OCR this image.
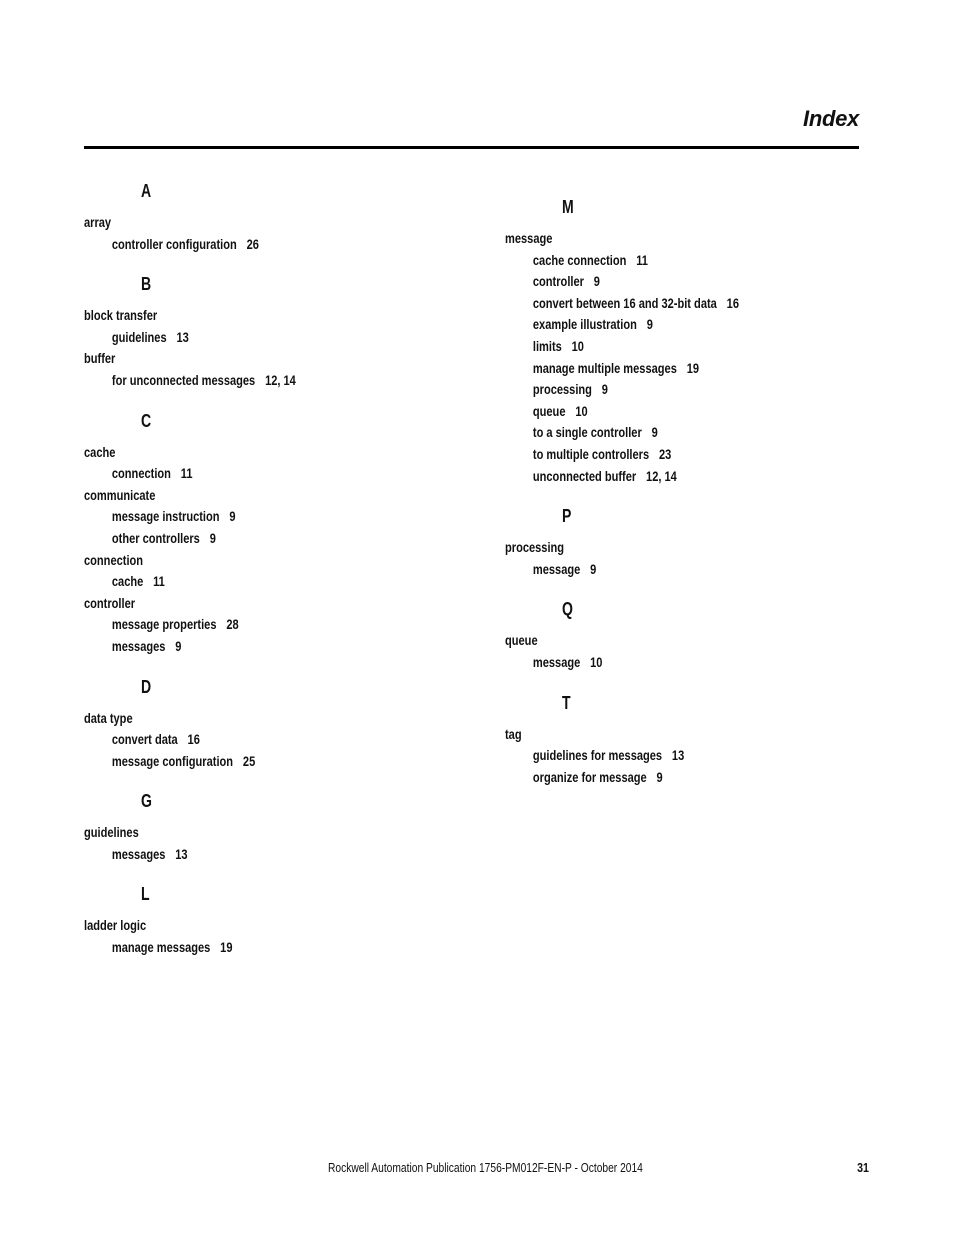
Index
A
array
controller configuration 26
B
block transfer
guidelines 13
buffer
for unconnected messages 12, 14
C
cache
connection 11
communicate
message instruction 9
other controllers 9
connection
cache 11
controller
message properties 28
messages 9
D
data type
convert data 16
message configuration 25
G
guidelines
messages 13
L
ladder logic
manage messages 19
M
message
cache connection 11
controller 9
convert between 16 and 32-bit data 16
example illustration 9
limits 10
manage multiple messages 19
processing 9
queue 10
to a single controller 9
to multiple controllers 23
unconnected buffer 12, 14
P
processing
message 9
Q
queue
message 10
T
tag
guidelines for messages 13
organize for message 9
Rockwell Automation Publication 1756-PM012F-EN-P - October 2014	31
